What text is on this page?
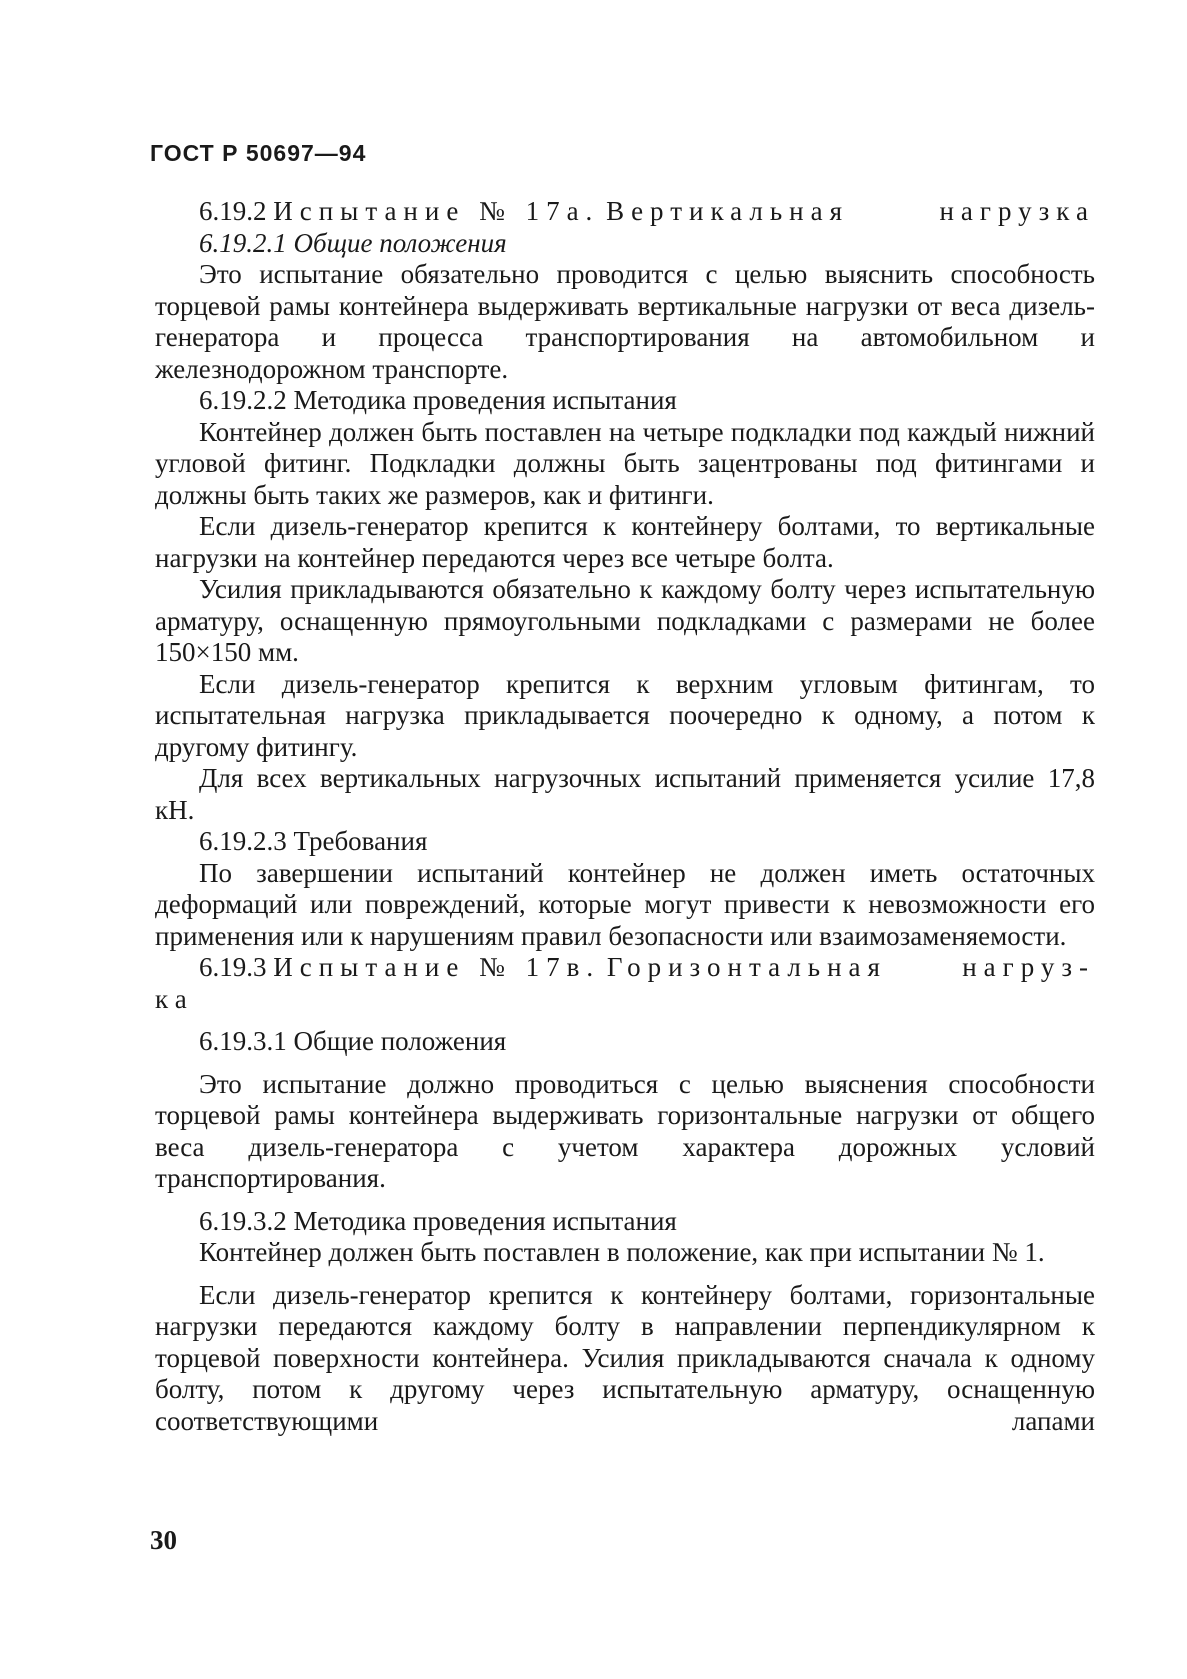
ГОСТ Р 50697—94
6.19.2 Испытание № 17а. Вертикальная	нагрузка
6.19.2.1 Общие положения
Это испытание обязательно проводится с целью выяснить способность торцевой рамы контейнера выдерживать вертикальные нагрузки от веса дизель-генератора и процесса транспортирования на автомобильном и железнодорожном транспорте.
6.19.2.2 Методика проведения испытания
Контейнер должен быть поставлен на четыре подкладки под каждый нижний угловой фитинг. Подкладки должны быть зацентрованы под фитингами и должны быть таких же размеров, как и фитинги.
Если дизель-генератор крепится к контейнеру болтами, то вертикальные нагрузки на контейнер передаются через все четыре болта.
Усилия прикладываются обязательно к каждому болту через испытательную арматуру, оснащенную прямоугольными подкладками с размерами не более 150×150 мм.
Если дизель-генератор крепится к верхним угловым фитингам, то испытательная нагрузка прикладывается поочередно к одному, а потом к другому фитингу.
Для всех вертикальных нагрузочных испытаний применяется усилие 17,8 кН.
6.19.2.3 Требования
По завершении испытаний контейнер не должен иметь остаточных деформаций или повреждений, которые могут привести к невозможности его применения или к нарушениям правил безопасности или взаимозаменяемости.
6.19.3 Испытание № 17в. Горизонтальная	нагруз-
ка
6.19.3.1 Общие положения
Это испытание должно проводиться с целью выяснения способности торцевой рамы контейнера выдерживать горизонтальные нагрузки от общего веса дизель-генератора с учетом характера дорожных условий транспортирования.
6.19.3.2 Методика проведения испытания
Контейнер должен быть поставлен в положение, как при испытании № 1.
Если дизель-генератор крепится к контейнеру болтами, горизонтальные нагрузки передаются каждому болту в направлении перпендикулярном к торцевой поверхности контейнера. Усилия прикладываются сначала к одному болту, потом к другому через испытательную арматуру, оснащенную соответствующими лапами
30
